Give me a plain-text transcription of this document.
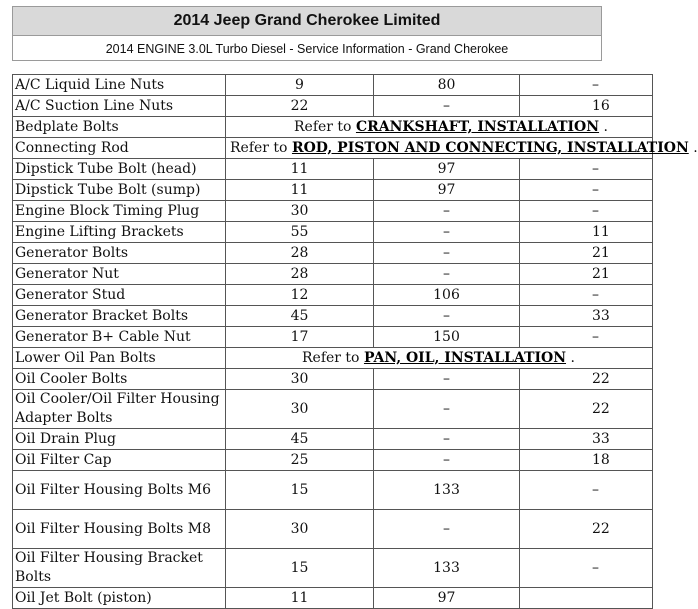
2014 Jeep Grand Cherokee Limited
2014 ENGINE 3.0L Turbo Diesel - Service Information - Grand Cherokee
A/C Liquid Line Nuts	9	80	–
A/C Suction Line Nuts	22	–	16
Bedplate Bolts	Refer to CRANKSHAFT, INSTALLATION .		
Connecting Rod	Refer to ROD, PISTON AND CONNECTING, INSTALLATION .		
Dipstick Tube Bolt (head)	11	97	–
Dipstick Tube Bolt (sump)	11	97	–
Engine Block Timing Plug	30	–	–
Engine Lifting Brackets	55	–	11
Generator Bolts	28	–	21
Generator Nut	28	–	21
Generator Stud	12	106	–
Generator Bracket Bolts	45	–	33
Generator B+ Cable Nut	17	150	–
Lower Oil Pan Bolts	Refer to PAN, OIL, INSTALLATION .		
Oil Cooler Bolts	30	–	22
Oil Cooler/Oil Filter Housing Adapter Bolts	30	–	22
Oil Drain Plug	45	–	33
Oil Filter Cap	25	–	18
Oil Filter Housing Bolts M6	15	133	–
Oil Filter Housing Bolts M8	30	–	22
Oil Filter Housing Bracket Bolts	15	133	–
Oil Jet Bolt (piston)	11	97	
